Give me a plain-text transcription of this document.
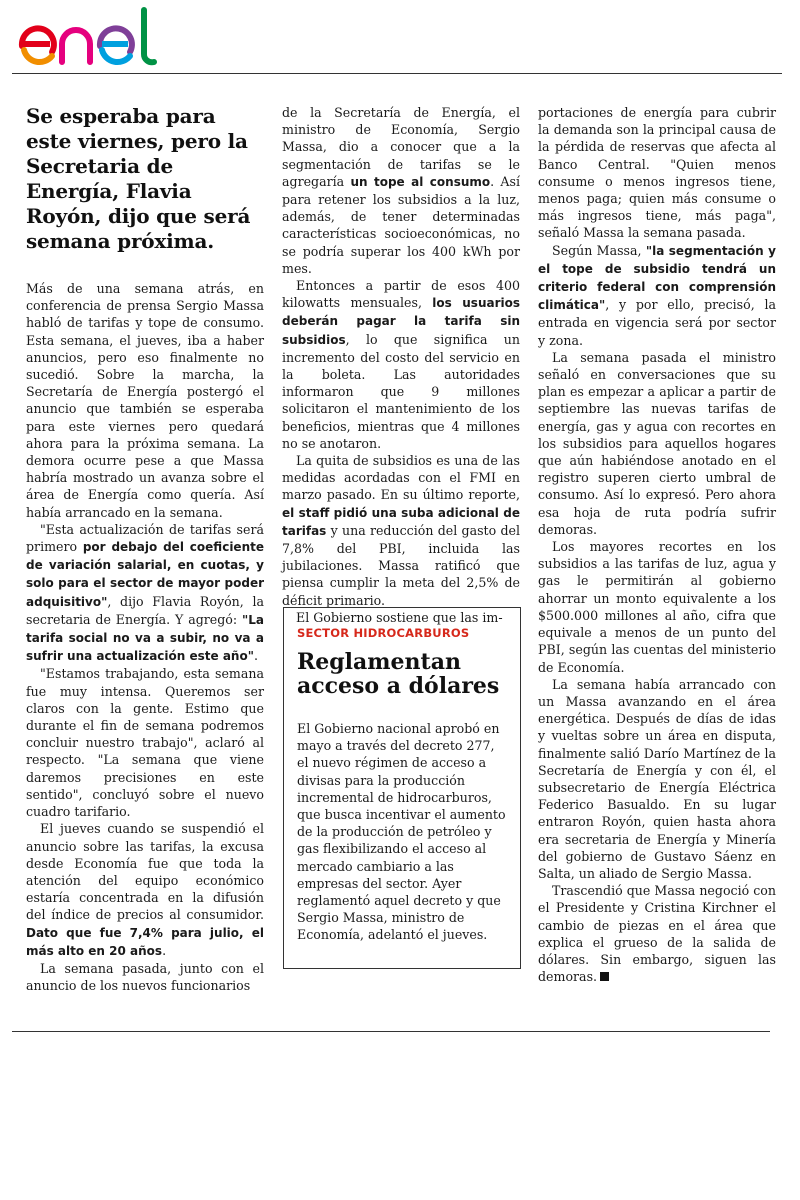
Se esperaba para este viernes, pero la Secretaria de Energía, Flavia Royón, dijo que será semana próxima.

Más de una semana atrás, en conferencia de prensa Sergio Massa habló de tarifas y tope de consumo. Esta semana, el jueves, iba a haber anuncios, pero eso finalmente no sucedió. Sobre la marcha, la Secretaría de Energía postergó el anuncio que también se esperaba para este viernes pero quedará ahora para la próxima semana. La demora ocurre pese a que Massa habría mostrado un avanza sobre el área de Energía como quería. Así había arrancado en la semana.

"Esta actualización de tarifas será primero por debajo del coeficiente de variación salarial, en cuotas, y solo para el sector de mayor poder adquisitivo", dijo Flavia Royón, la secretaria de Energía. Y agregó: "La tarifa social no va a subir, no va a sufrir una actualización este año".

"Estamos trabajando, esta semana fue muy intensa. Queremos ser claros con la gente. Estimo que durante el fin de semana podremos concluir nuestro trabajo", aclaró al respecto. "La semana que viene daremos precisiones en este sentido", concluyó sobre el nuevo cuadro tarifario.

El jueves cuando se suspendió el anuncio sobre las tarifas, la excusa desde Economía fue que toda la atención del equipo económico estaría concentrada en la difusión del índice de precios al consumidor. Dato que fue 7,4% para julio, el más alto en 20 años.

La semana pasada, junto con el anuncio de los nuevos funcionarios

de la Secretaría de Energía, el ministro de Economía, Sergio Massa, dio a conocer que a la segmentación de tarifas se le agregaría un tope al consumo. Así para retener los subsidios a la luz, además, de tener determinadas características socioeconómicas, no se podría superar los 400 kWh por mes.

Entonces a partir de esos 400 kilowatts mensuales, los usuarios deberán pagar la tarifa sin subsidios, lo que significa un incremento del costo del servicio en la boleta. Las autoridades informaron que 9 millones solicitaron el mantenimiento de los beneficios, mientras que 4 millones no se anotaron.

La quita de subsidios es una de las medidas acordadas con el FMI en marzo pasado. En su último reporte, el staff pidió una suba adicional de tarifas y una reducción del gasto del 7,8% del PBI, incluida las jubilaciones. Massa ratificó que piensa cumplir la meta del 2,5% de déficit primario.

El Gobierno sostiene que las im-

SECTOR HIDROCARBUROS
Reglamentan acceso a dólares
El Gobierno nacional aprobó en mayo a través del decreto 277, el nuevo régimen de acceso a divisas para la producción incremental de hidrocarburos, que busca incentivar el aumento de la producción de petróleo y gas flexibilizando el acceso al mercado cambiario a las empresas del sector. Ayer reglamentó aquel decreto y que Sergio Massa, ministro de Economía, adelantó el jueves.

portaciones de energía para cubrir la demanda son la principal causa de la pérdida de reservas que afecta al Banco Central. "Quien menos consume o menos ingresos tiene, menos paga; quien más consume o más ingresos tiene, más paga", señaló Massa la semana pasada.

Según Massa, "la segmentación y el tope de subsidio tendrá un criterio federal con comprensión climática", y por ello, precisó, la entrada en vigencia será por sector y zona.

La semana pasada el ministro señaló en conversaciones que su plan es empezar a aplicar a partir de septiembre las nuevas tarifas de energía, gas y agua con recortes en los subsidios para aquellos hogares que aún habiéndose anotado en el registro superen cierto umbral de consumo. Así lo expresó. Pero ahora esa hoja de ruta podría sufrir demoras.

Los mayores recortes en los subsidios a las tarifas de luz, agua y gas le permitirán al gobierno ahorrar un monto equivalente a los $500.000 millones al año, cifra que equivale a menos de un punto del PBI, según las cuentas del ministerio de Economía.

La semana había arrancado con un Massa avanzando en el área energética. Después de días de idas y vueltas sobre un área en disputa, finalmente salió Darío Martínez de la Secretaría de Energía y con él, el subsecretario de Energía Eléctrica Federico Basualdo. En su lugar entraron Royón, quien hasta ahora era secretaria de Energía y Minería del gobierno de Gustavo Sáenz en Salta, un aliado de Sergio Massa.

Trascendió que Massa negoció con el Presidente y Cristina Kirchner el cambio de piezas en el área que explica el grueso de la salida de dólares. Sin embargo, siguen las demoras.
